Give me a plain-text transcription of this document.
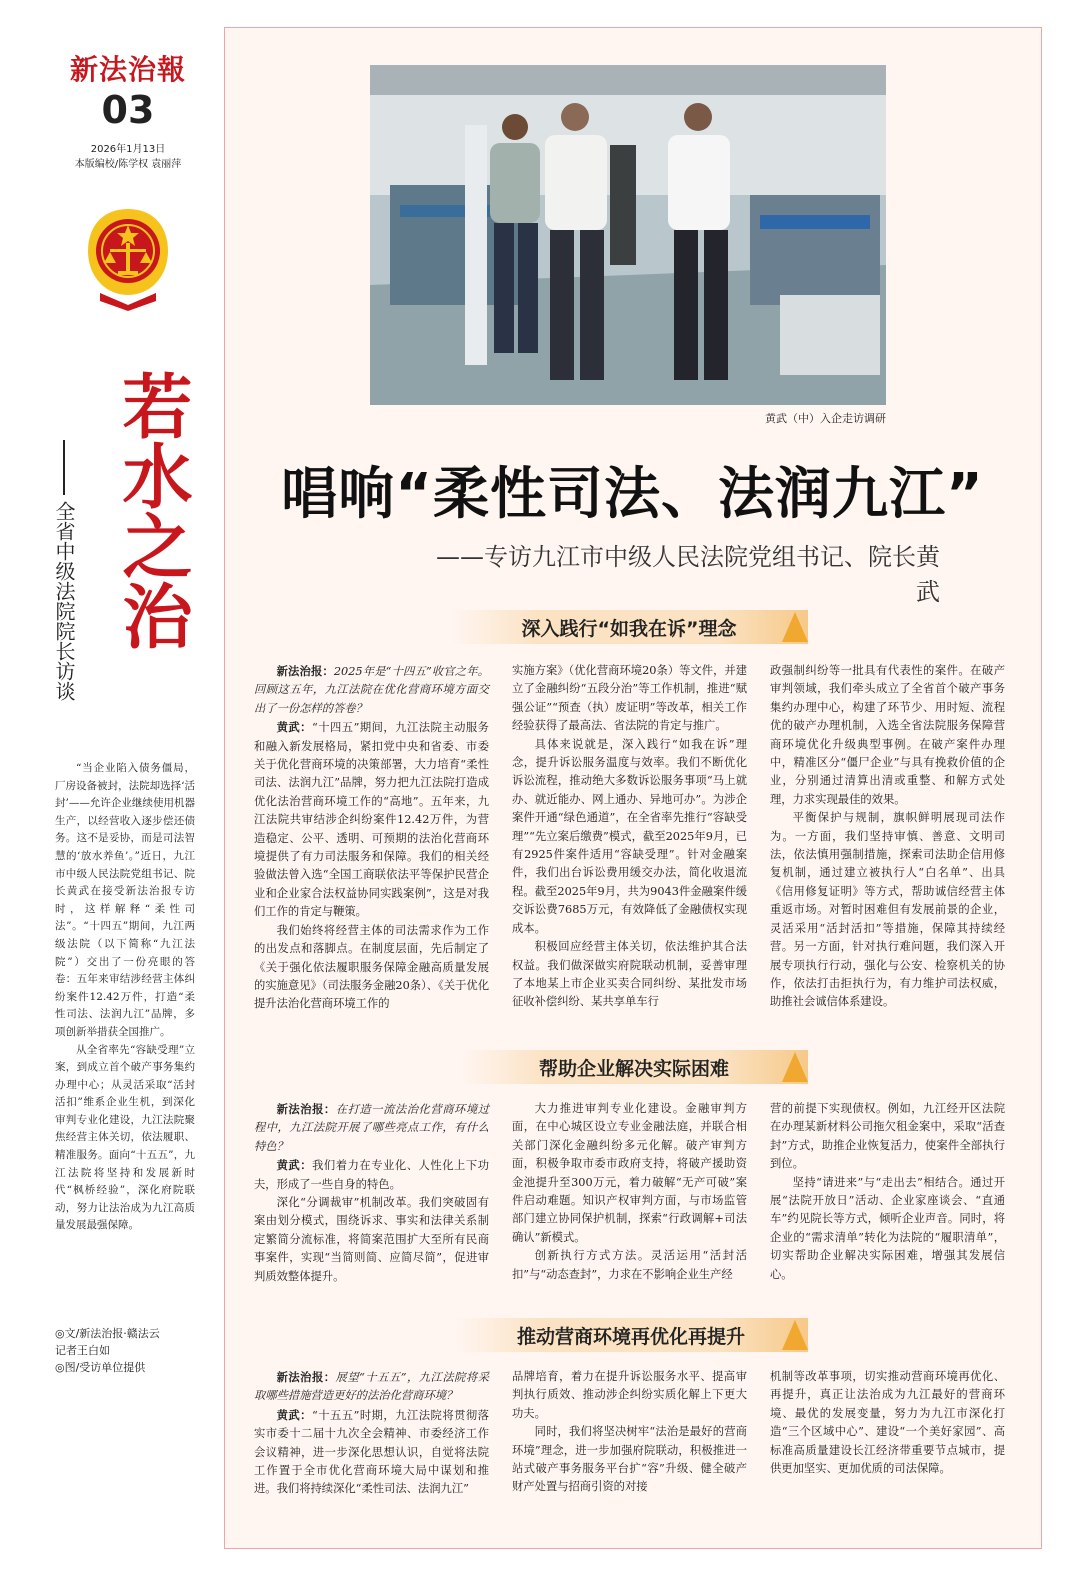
新法治報
03
2026年1月13日
本版编校/陈学权 袁丽萍
若水之治
全省中级法院院长访谈

“当企业陷入债务僵局，厂房设备被封，法院却选择‘活封’——允许企业继续使用机器生产，以经营收入逐步偿还债务。这不是妥协，而是司法智慧的‘放水养鱼’。”近日，九江市中级人民法院党组书记、院长黄武在接受新法治报专访时，这样解释“柔性司法”。“十四五”期间，九江两级法院（以下简称“九江法院”）交出了一份亮眼的答卷：五年来审结涉经营主体纠纷案件12.42万件，打造“柔性司法、法润九江”品牌，多项创新举措获全国推广。

从全省率先“容缺受理”立案，到成立首个破产事务集约办理中心；从灵活采取“活封活扣”维系企业生机，到深化审判专业化建设，九江法院聚焦经营主体关切，依法履职、精准服务。面向“十五五”，九江法院将坚持和发展新时代“枫桥经验”，深化府院联动，努力让法治成为九江高质量发展最强保障。

◎文/新法治报·赣法云
记者王白如
◎图/受访单位提供
黄武（中）入企走访调研
唱响“柔性司法、法润九江”
——专访九江市中级人民法院党组书记、院长黄武
深入践行“如我在诉”理念

新法治报：2025年是“十四五”收官之年。回顾这五年，九江法院在优化营商环境方面交出了一份怎样的答卷？

黄武：“十四五”期间，九江法院主动服务和融入新发展格局，紧扣党中央和省委、市委关于优化营商环境的决策部署，大力培育“柔性司法、法润九江”品牌，努力把九江法院打造成优化法治营商环境工作的“高地”。五年来，九江法院共审结涉企纠纷案件12.42万件，为营造稳定、公平、透明、可预期的法治化营商环境提供了有力司法服务和保障。我们的相关经验做法曾入选“全国工商联依法平等保护民营企业和企业家合法权益协同实践案例”，这是对我们工作的肯定与鞭策。

我们始终将经营主体的司法需求作为工作的出发点和落脚点。在制度层面，先后制定了《关于强化依法履职服务保障金融高质量发展的实施意见》（司法服务金融20条）、《关于优化提升法治化营商环境工作的

实施方案》（优化营商环境20条）等文件，并建立了金融纠纷“五段分治”等工作机制，推进“赋强公证”“预查（执）废证明”等改革，相关工作经验获得了最高法、省法院的肯定与推广。

具体来说就是，深入践行“如我在诉”理念，提升诉讼服务温度与效率。我们不断优化诉讼流程，推动绝大多数诉讼服务事项“马上就办、就近能办、网上通办、异地可办”。为涉企案件开通“绿色通道”，在全省率先推行“容缺受理”“先立案后缴费”模式，截至2025年9月，已有2925件案件适用“容缺受理”。针对金融案件，我们出台诉讼费用缓交办法，简化收退流程。截至2025年9月，共为9043件金融案件缓交诉讼费7685万元，有效降低了金融债权实现成本。

积极回应经营主体关切，依法维护其合法权益。我们做深做实府院联动机制，妥善审理了本地某上市企业买卖合同纠纷、某批发市场征收补偿纠纷、某共享单车行

政强制纠纷等一批具有代表性的案件。在破产审判领域，我们牵头成立了全省首个破产事务集约办理中心，构建了环节少、用时短、流程优的破产办理机制，入选全省法院服务保障营商环境优化升级典型事例。在破产案件办理中，精准区分“僵尸企业”与具有挽救价值的企业，分别通过清算出清或重整、和解方式处理，力求实现最佳的效果。

平衡保护与规制，旗帜鲜明展现司法作为。一方面，我们坚持审慎、善意、文明司法，依法慎用强制措施，探索司法助企信用修复机制，通过建立被执行人“白名单”、出具《信用修复证明》等方式，帮助诚信经营主体重返市场。对暂时困难但有发展前景的企业，灵活采用“活封活扣”等措施，保障其持续经营。另一方面，针对执行难问题，我们深入开展专项执行行动，强化与公安、检察机关的协作，依法打击拒执行为，有力维护司法权威，助推社会诚信体系建设。

帮助企业解决实际困难

新法治报：在打造一流法治化营商环境过程中，九江法院开展了哪些亮点工作，有什么特色？

黄武：我们着力在专业化、人性化上下功夫，形成了一些自身的特色。

深化“分调裁审”机制改革。我们突破固有案由划分模式，围绕诉求、事实和法律关系制定繁简分流标准，将简案范围扩大至所有民商事案件，实现“当简则简、应简尽简”，促进审判质效整体提升。

大力推进审判专业化建设。金融审判方面，在中心城区设立专业金融法庭，并联合相关部门深化金融纠纷多元化解。破产审判方面，积极争取市委市政府支持，将破产援助资金池提升至300万元，着力破解“无产可破”案件启动难题。知识产权审判方面，与市场监管部门建立协同保护机制，探索“行政调解+司法确认”新模式。

创新执行方式方法。灵活运用“活封活扣”与“动态查封”，力求在不影响企业生产经

营的前提下实现债权。例如，九江经开区法院在办理某新材料公司拖欠租金案中，采取“活查封”方式，助推企业恢复活力，使案件全部执行到位。

坚持“请进来”与“走出去”相结合。通过开展“法院开放日”活动、企业家座谈会、“直通车”约见院长等方式，倾听企业声音。同时，将企业的“需求清单”转化为法院的“履职清单”，切实帮助企业解决实际困难，增强其发展信心。

推动营商环境再优化再提升

新法治报：展望“十五五”，九江法院将采取哪些措施营造更好的法治化营商环境？

黄武：“十五五”时期，九江法院将贯彻落实市委十二届十九次全会精神、市委经济工作会议精神，进一步深化思想认识，自觉将法院工作置于全市优化营商环境大局中谋划和推进。我们将持续深化“柔性司法、法润九江”

品牌培育，着力在提升诉讼服务水平、提高审判执行质效、推动涉企纠纷实质化解上下更大功夫。

同时，我们将坚决树牢“法治是最好的营商环境”理念，进一步加强府院联动，积极推进一站式破产事务服务平台扩“容”升级、健全破产财产处置与招商引资的对接

机制等改革事项，切实推动营商环境再优化、再提升，真正让法治成为九江最好的营商环境、最优的发展变量，努力为九江市深化打造“三个区域中心”、建设“一个美好家园”、高标准高质量建设长江经济带重要节点城市，提供更加坚实、更加优质的司法保障。
